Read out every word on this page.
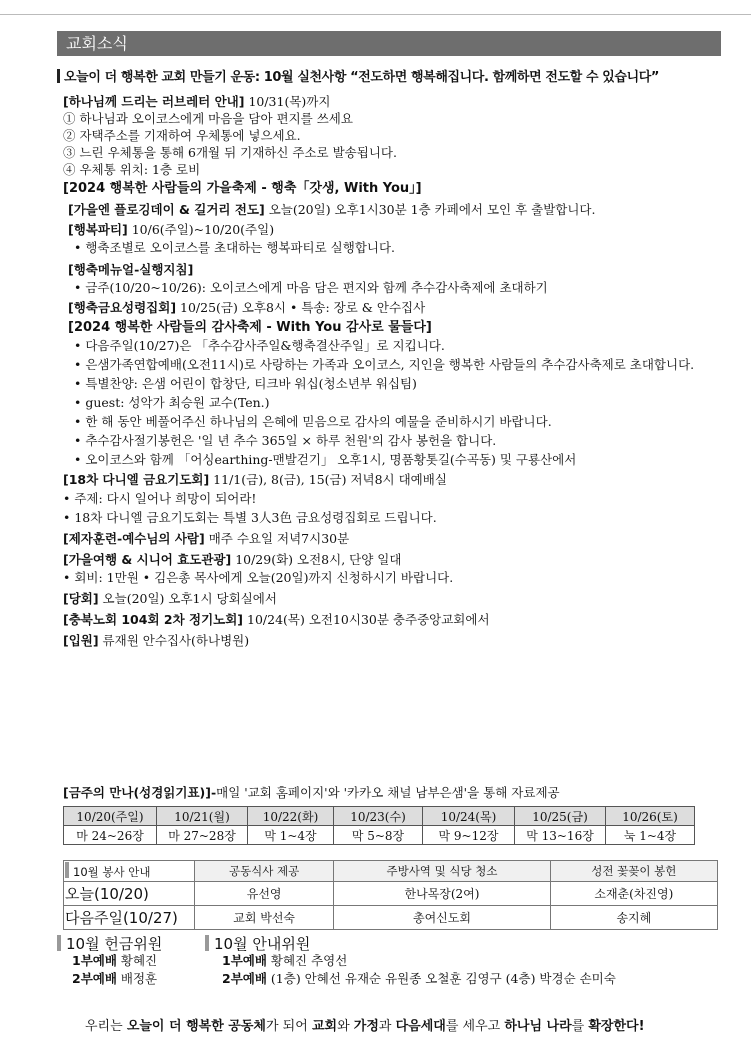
교회소식
오늘이 더 행복한 교회 만들기 운동: 10월 실천사항 “전도하면 행복해집니다. 함께하면 전도할 수 있습니다”
[하나님께 드리는 러브레터 안내] 10/31(목)까지
① 하나님과 오이코스에게 마음을 담아 편지를 쓰세요
② 자택주소를 기재하여 우체통에 넣으세요.
③ 느린 우체통을 통해 6개월 뒤 기재하신 주소로 발송됩니다.
④ 우체통 위치: 1층 로비
[2024 행복한 사람들의 가을축제 - 행축「갓생, With You」]
[가을엔 플로깅데이 & 길거리 전도] 오늘(20일) 오후1시30분 1층 카페에서 모인 후 출발합니다.
[행복파티] 10/6(주일)~10/20(주일)
• 행축조별로 오이코스를 초대하는 행복파티로 실행합니다.
[행축메뉴얼-실행지침]
• 금주(10/20~10/26): 오이코스에게 마음 담은 편지와 함께 추수감사축제에 초대하기
[행축금요성령집회] 10/25(금) 오후8시 • 특송: 장로 & 안수집사
[2024 행복한 사람들의 감사축제 - With You 감사로 물들다]
• 다음주일(10/27)은 「추수감사주일&행축결산주일」로 지킵니다.
• 은샘가족연합예배(오전11시)로 사랑하는 가족과 오이코스, 지인을 행복한 사람들의 추수감사축제로 초대합니다.
• 특별찬양: 은샘 어린이 합창단, 티크바 워십(청소년부 워십팀)
• guest: 성악가 최승원 교수(Ten.)
• 한 해 동안 베풀어주신 하나님의 은혜에 믿음으로 감사의 예물을 준비하시기 바랍니다.
• 추수감사절기봉헌은 '일 년 추수 365일 × 하루 천원'의 감사 봉헌을 합니다.
• 오이코스와 함께 「어싱earthing-맨발걷기」 오후1시, 명품황톳길(수곡동) 및 구룡산에서
[18차 다니엘 금요기도회] 11/1(금), 8(금), 15(금) 저녁8시 대예배실
• 주제: 다시 일어나 희망이 되어라!
• 18차 다니엘 금요기도회는 특별 3人3色 금요성령집회로 드립니다.
[제자훈련-예수님의 사람] 매주 수요일 저녁7시30분
[가을여행 & 시니어 효도관광] 10/29(화) 오전8시, 단양 일대
• 회비: 1만원 • 김은총 목사에게 오늘(20일)까지 신청하시기 바랍니다.
[당회] 오늘(20일) 오후1시 당회실에서
[충북노회 104회 2차 정기노회] 10/24(목) 오전10시30분 충주중앙교회에서
[입원] 류재원 안수집사(하나병원)
[금주의 만나(성경읽기표)]-매일 '교회 홈페이지'와 '카카오 채널 남부은샘'을 통해 자료제공
10/20(주일)	10/21(월)	10/22(화)	10/23(수)	10/24(목)	10/25(금)	10/26(토)
마 24~26장	마 27~28장	막 1~4장	막 5~8장	막 9~12장	막 13~16장	눅 1~4장
10월 봉사 안내	공동식사 제공	주방사역 및 식당 청소	성전 꽃꽂이 봉헌
오늘(10/20)	유선영	한나목장(2여)	소재춘(차진영)
다음주일(10/27)	교회 박선숙	총여신도회	송지혜
10월 헌금위원
1부예배 황혜진
2부예배 배정훈
10월 안내위원
1부예배 황혜진 추영선
2부예배 (1층) 안혜선 유재순 유원종 오철훈 김영구 (4층) 박경순 손미숙
우리는 오늘이 더 행복한 공동체가 되어 교회와 가정과 다음세대를 세우고 하나님 나라를 확장한다!
